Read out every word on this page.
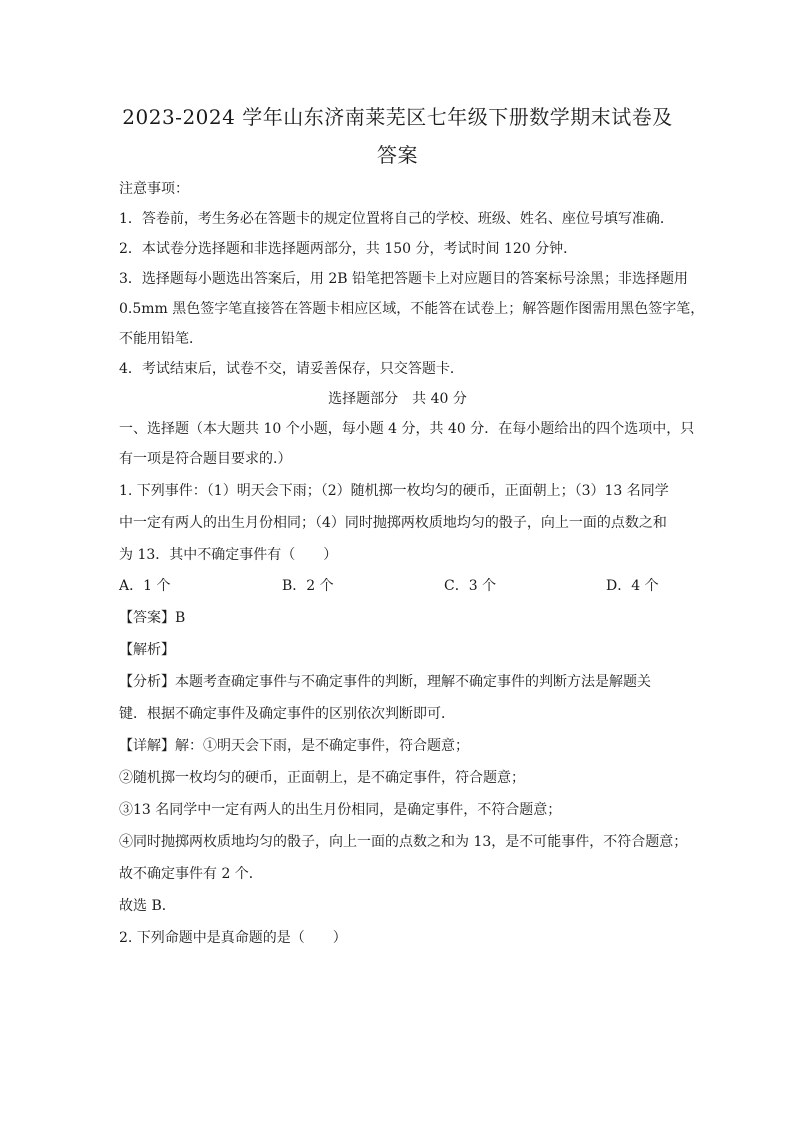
2023-2024 学年山东济南莱芜区七年级下册数学期末试卷及
答案

注意事项：

1．答卷前，考生务必在答题卡的规定位置将自己的学校、班级、姓名、座位号填写准确．

2．本试卷分选择题和非选择题两部分，共 150 分，考试时间 120 分钟．

3．选择题每小题选出答案后，用 2B 铅笔把答题卡上对应题目的答案标号涂黑；非选择题用

0.5mm 黑色签字笔直接答在答题卡相应区域，不能答在试卷上；解答题作图需用黑色签字笔，

不能用铅笔．

4．考试结束后，试卷不交，请妥善保存，只交答题卡．

选择题部分　共 40 分

一、选择题（本大题共 10 个小题，每小题 4 分，共 40 分．在每小题给出的四个选项中，只

有一项是符合题目要求的.）

1. 下列事件：（1）明天会下雨；（2）随机掷一枚均匀的硬币，正面朝上；（3）13 名同学

中一定有两人的出生月份相同；（4）同时抛掷两枚质地均匀的骰子，向上一面的点数之和

为 13．其中不确定事件有（　　）

A．1 个	B．2 个	C．3 个	D．4 个

【答案】B

【解析】

【分析】本题考查确定事件与不确定事件的判断，理解不确定事件的判断方法是解题关

键．根据不确定事件及确定事件的区别依次判断即可．

【详解】解：①明天会下雨，是不确定事件，符合题意；

②随机掷一枚均匀的硬币，正面朝上，是不确定事件，符合题意；

③13 名同学中一定有两人的出生月份相同，是确定事件，不符合题意；

④同时抛掷两枚质地均匀的骰子，向上一面的点数之和为 13，是不可能事件，不符合题意；

故不确定事件有 2 个．

故选 B．

2. 下列命题中是真命题的是（　　）
